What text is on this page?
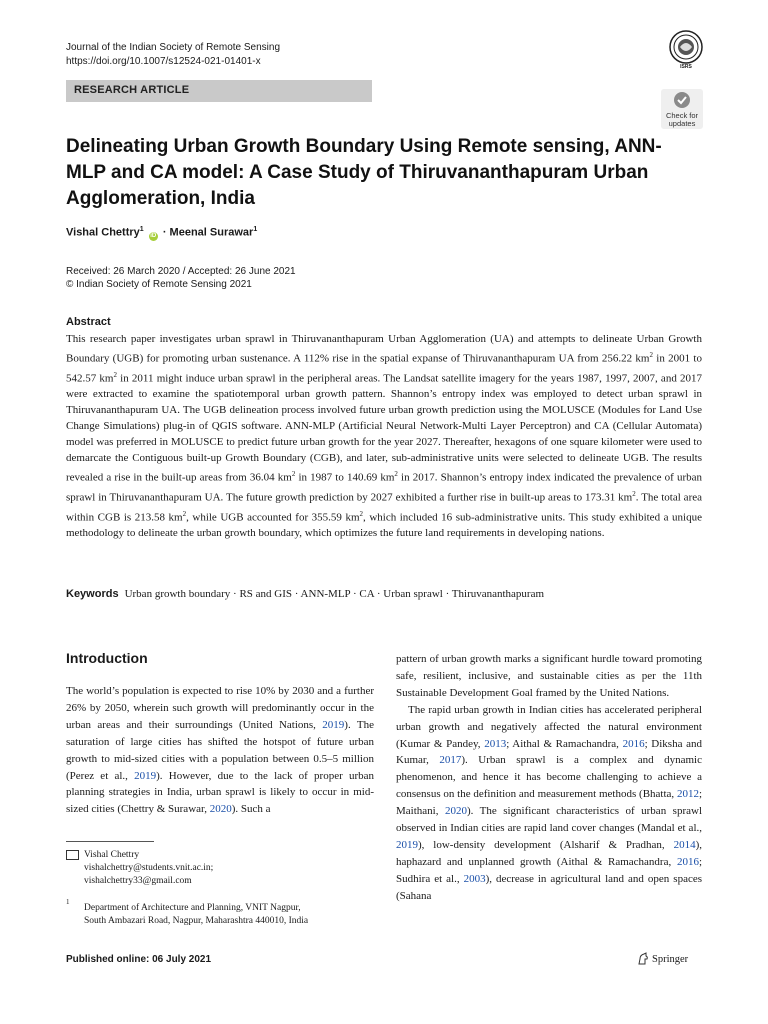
Journal of the Indian Society of Remote Sensing
https://doi.org/10.1007/s12524-021-01401-x	ISRS
RESEARCH ARTICLE
Check for
updates
Delineating Urban Growth Boundary Using Remote sensing, ANN-MLP and CA model: A Case Study of Thiruvananthapuram Urban Agglomeration, India
Vishal Chettry$^1$ iD · Meenal Surawar$^1$
Received: 26 March 2020 / Accepted: 26 June 2021
© Indian Society of Remote Sensing 2021
Abstract

This research paper investigates urban sprawl in Thiruvananthapuram Urban Agglomeration (UA) and attempts to delineate Urban Growth Boundary (UGB) for promoting urban sustenance. A 112% rise in the spatial expanse of Thiruvananthapuram UA from 256.22 $km^2$ in 2001 to 542.57 $km^2$ in 2011 might induce urban sprawl in the peripheral areas. The Landsat satellite imagery for the years 1987, 1997, 2007, and 2017 were extracted to examine the spatiotemporal urban growth pattern. Shannon’s entropy index was employed to detect urban sprawl in Thiruvananthapuram UA. The UGB delineation process involved future urban growth prediction using the MOLUSCE (Modules for Land Use Change Simulations) plug-in of QGIS software. ANN-MLP (Artificial Neural Network-Multi Layer Perceptron) and CA (Cellular Automata) model was preferred in MOLUSCE to predict future urban growth for the year 2027. Thereafter, hexagons of one square kilometer were used to demarcate the Contiguous built-up Growth Boundary (CGB), and later, sub-administrative units were selected to delineate UGB. The results revealed a rise in the built-up areas from 36.04 $km^2$ in 1987 to 140.69 $km^2$ in 2017. Shannon’s entropy index indicated the prevalence of urban sprawl in Thiruvananthapuram UA. The future growth prediction by 2027 exhibited a further rise in built-up areas to 173.31 $km^2$. The total area within CGB is 213.58 $km^2$, while UGB accounted for 355.59 $km^2$, which included 16 sub-administrative units. This study exhibited a unique methodology to delineate the urban growth boundary, which optimizes the future land requirements in developing nations.

Keywords Urban growth boundary · RS and GIS · ANN-MLP · CA · Urban sprawl · Thiruvananthapuram
Introduction

The world’s population is expected to rise 10% by 2030 and a further 26% by 2050, wherein such growth will predominantly occur in the urban areas and their surroundings (United Nations, 2019). The saturation of large cities has shifted the hotspot of future urban growth to mid-sized cities with a population between 0.5–5 million (Perez et al., 2019). However, due to the lack of proper urban planning strategies in India, urban sprawl is likely to occur in mid-sized cities (Chettry & Surawar, 2020). Such a

pattern of urban growth marks a significant hurdle toward promoting safe, resilient, inclusive, and sustainable cities as per the 11th Sustainable Development Goal framed by the United Nations.
The rapid urban growth in Indian cities has accelerated peripheral urban growth and negatively affected the natural environment (Kumar & Pandey, 2013; Aithal & Ramachandra, 2016; Diksha and Kumar, 2017). Urban sprawl is a complex and dynamic phenomenon, and hence it has become challenging to achieve a consensus on the definition and measurement methods (Bhatta, 2012; Maithani, 2020). The significant characteristics of urban sprawl observed in Indian cities are rapid land cover changes (Mandal et al., 2019), low-density development (Alsharif & Pradhan, 2014), haphazard and unplanned growth (Aithal & Ramachandra, 2016; Sudhira et al., 2003), decrease in agricultural land and open spaces (Sahana

Vishal Chettry
vishalchettry@students.vnit.ac.in;
vishalchettry33@gmail.com
1
Department of Architecture and Planning, VNIT Nagpur,
South Ambazari Road, Nagpur, Maharashtra 440010, India
Published online: 06 July 2021	Springer
